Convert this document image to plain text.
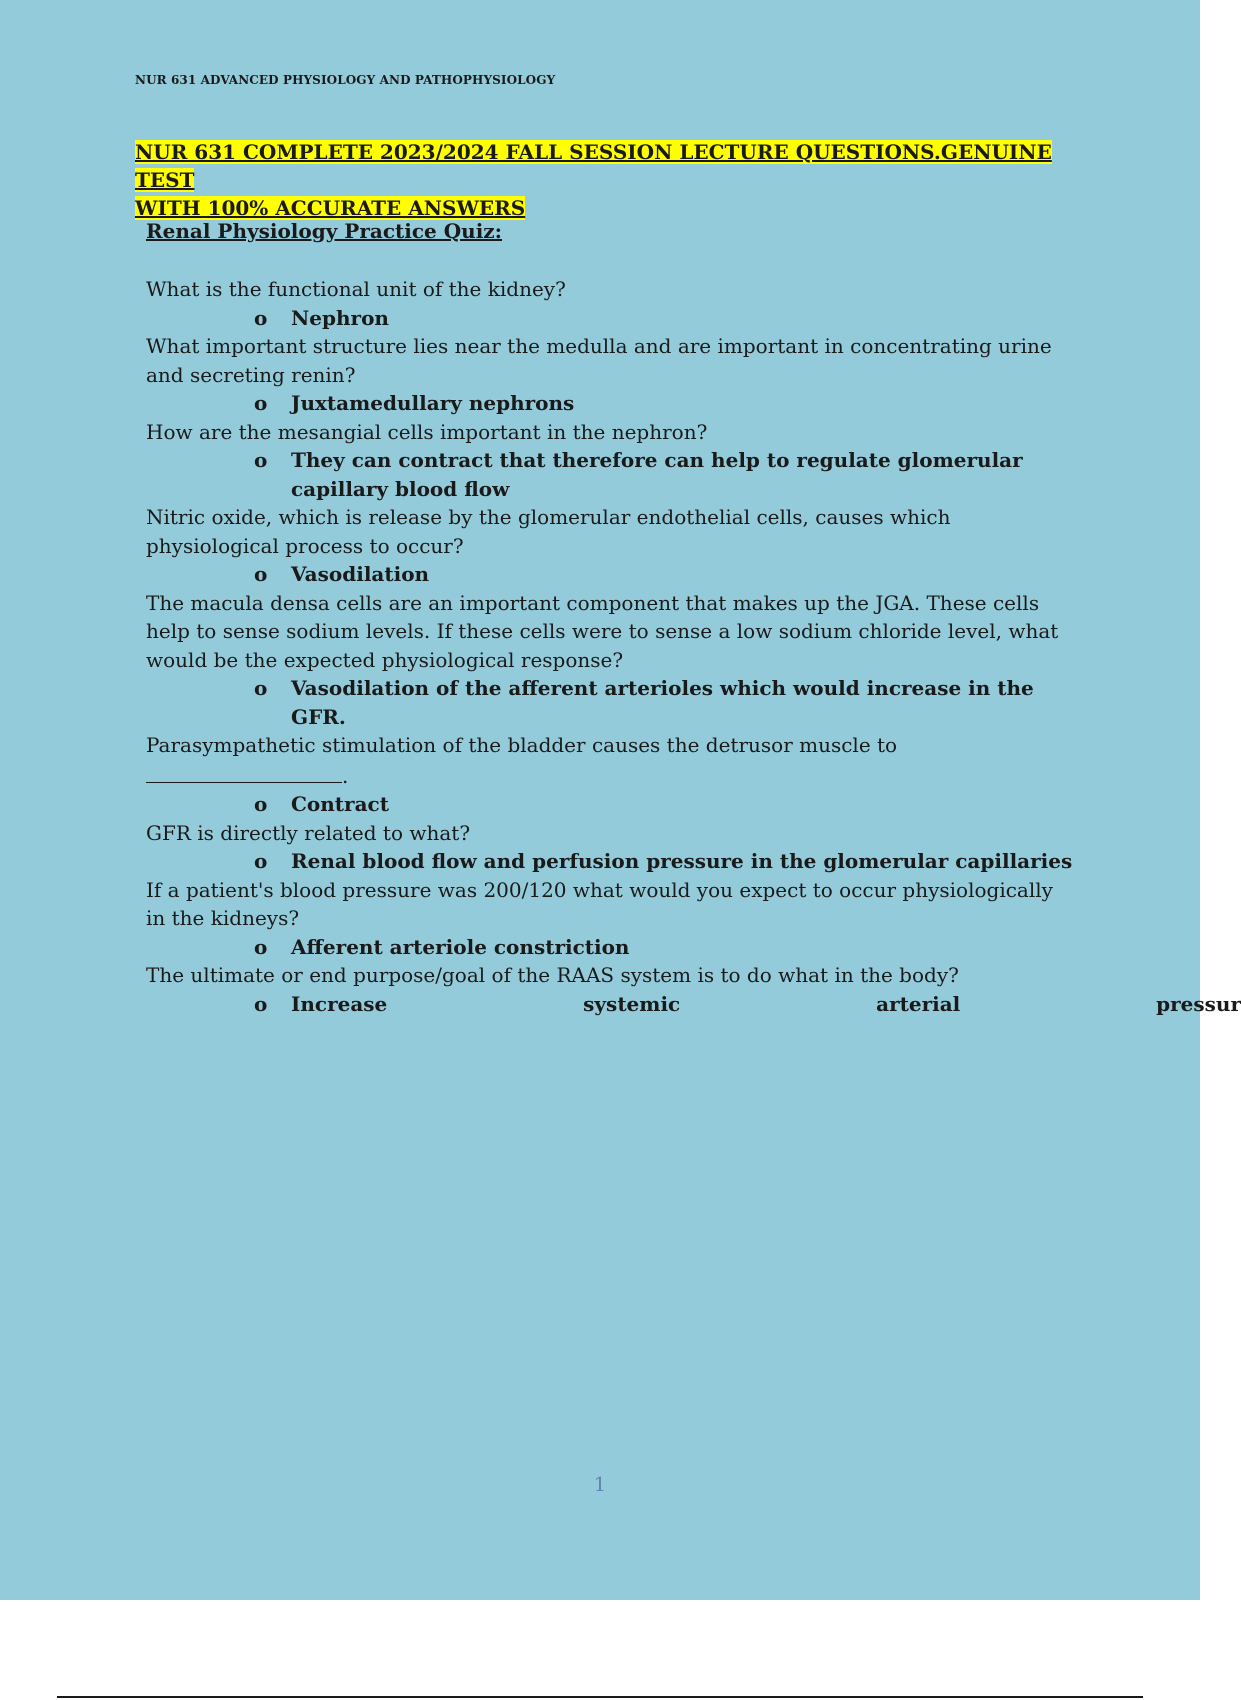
NUR 631 ADVANCED PHYSIOLOGY AND PATHOPHYSIOLOGY
NUR 631 COMPLETE 2023/2024 FALL SESSION LECTURE QUESTIONS.GENUINE TEST
WITH 100% ACCURATE ANSWERS
Renal Physiology Practice Quiz:

What is the functional unit of the kidney?

o Nephron

What important structure lies near the medulla and are important in concentrating urine

and secreting renin?

o Juxtamedullary nephrons

How are the mesangial cells important in the nephron?

o They can contract that therefore can help to regulate glomerular

capillary blood flow

Nitric oxide, which is release by the glomerular endothelial cells, causes which

physiological process to occur?

o Vasodilation

The macula densa cells are an important component that makes up the JGA. These cells

help to sense sodium levels. If these cells were to sense a low sodium chloride level, what

would be the expected physiological response?

o Vasodilation of the afferent arterioles which would increase in the GFR.

Parasympathetic stimulation of the bladder causes the detrusor muscle to

.

o Contract

GFR is directly related to what?

o Renal blood flow and perfusion pressure in the glomerular capillaries

If a patient's blood pressure was 200/120 what would you expect to occur physiologically

in the kidneys?

o Afferent arteriole constriction

The ultimate or end purpose/goal of the RAAS system is to do what in the body?

o Increase	systemic	arterial	pressur

1
